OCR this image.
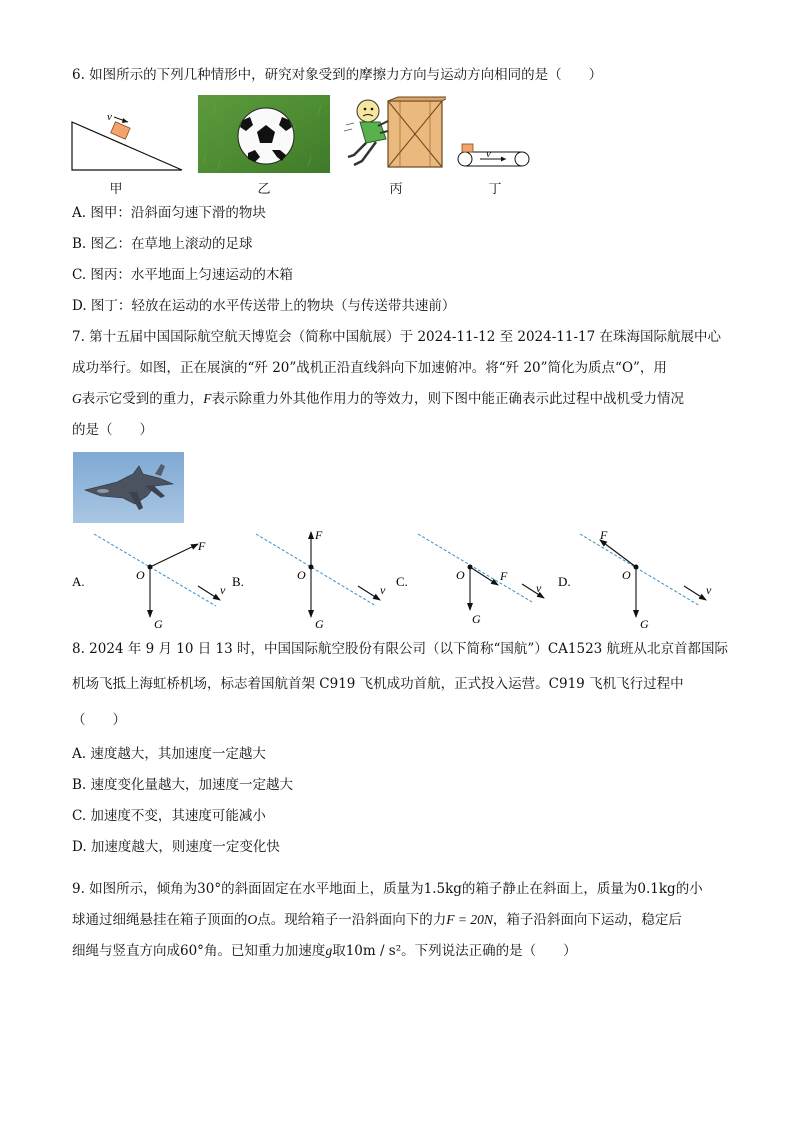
6. 如图所示的下列几种情形中，研究对象受到的摩擦力方向与运动方向相同的是（　　）
v
甲	乙	丙
v
丁
A. 图甲：沿斜面匀速下滑的物块
B. 图乙：在草地上滚动的足球
C. 图丙：水平地面上匀速运动的木箱
D. 图丁：轻放在运动的水平传送带上的物块（与传送带共速前）
7. 第十五届中国国际航空航天博览会（简称中国航展）于 2024-11-12 至 2024-11-17 在珠海国际航展中心
成功举行。如图，正在展演的“歼 20”战机正沿直线斜向下加速俯冲。将“歼 20”简化为质点“O”，用
G表示它受到的重力，F表示除重力外其他作用力的等效力，则下图中能正确表示此过程中战机受力情况
的是（　　）
A.	O
F
G
v
B.	O
F
G
v
C.	O	F
G
v D.	O
F
G
v
8. 2024 年 9 月 10 日 13 时，中国国际航空股份有限公司（以下简称“国航”）CA1523 航班从北京首都国际
机场飞抵上海虹桥机场，标志着国航首架 C919 飞机成功首航，正式投入运营。C919 飞机飞行过程中
（　　）
A. 速度越大，其加速度一定越大
B. 速度变化量越大，加速度一定越大
C. 加速度不变，其速度可能减小
D. 加速度越大，则速度一定变化快
9. 如图所示，倾角为30°的斜面固定在水平地面上，质量为1.5kg的箱子静止在斜面上，质量为0.1kg的小
球通过细绳悬挂在箱子顶面的O点。现给箱子一沿斜面向下的力F = 20N，箱子沿斜面向下运动，稳定后
细绳与竖直方向成60°角。已知重力加速度g取10m / s²。下列说法正确的是（　　）
